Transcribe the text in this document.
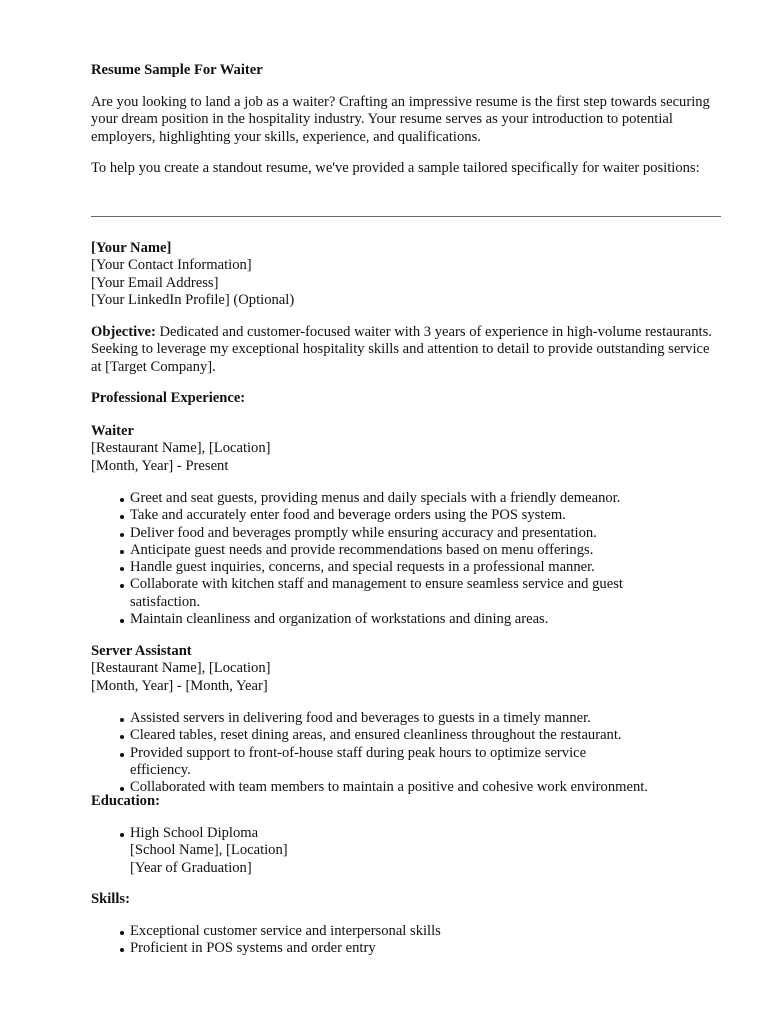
Resume Sample For Waiter

Are you looking to land a job as a waiter? Crafting an impressive resume is the first step towards securing your dream position in the hospitality industry. Your resume serves as your introduction to potential employers, highlighting your skills, experience, and qualifications.

To help you create a standout resume, we've provided a sample tailored specifically for waiter positions:

[Your Name]

[Your Contact Information]

[Your Email Address]

[Your LinkedIn Profile] (Optional)

Objective: Dedicated and customer-focused waiter with 3 years of experience in high-volume restaurants. Seeking to leverage my exceptional hospitality skills and attention to detail to provide outstanding service at [Target Company].

Professional Experience:

Waiter

[Restaurant Name], [Location]

[Month, Year] - Present

Greet and seat guests, providing menus and daily specials with a friendly demeanor.
Take and accurately enter food and beverage orders using the POS system.
Deliver food and beverages promptly while ensuring accuracy and presentation.
Anticipate guest needs and provide recommendations based on menu offerings.
Handle guest inquiries, concerns, and special requests in a professional manner.
Collaborate with kitchen staff and management to ensure seamless service and guest satisfaction.
Maintain cleanliness and organization of workstations and dining areas.

Server Assistant

[Restaurant Name], [Location]

[Month, Year] - [Month, Year]

Assisted servers in delivering food and beverages to guests in a timely manner.
Cleared tables, reset dining areas, and ensured cleanliness throughout the restaurant.
Provided support to front-of-house staff during peak hours to optimize service efficiency.
Collaborated with team members to maintain a positive and cohesive work environment.

Education:

High School Diploma
[School Name], [Location]
[Year of Graduation]

Skills:

Exceptional customer service and interpersonal skills
Proficient in POS systems and order entry
